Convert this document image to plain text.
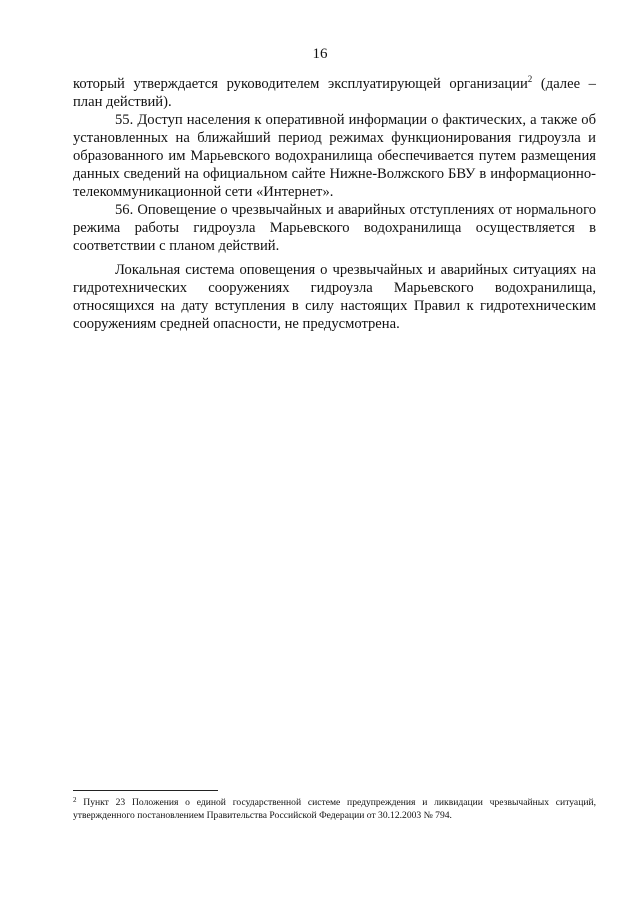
16

который утверждается руководителем эксплуатирующей организации$^2$ (далее – план действий).

55. Доступ населения к оперативной информации о фактических, а также об установленных на ближайший период режимах функционирования гидроузла и образованного им Марьевского водохранилища обеспечивается путем размещения данных сведений на официальном сайте Нижне-Волжского БВУ в информационно-телекоммуникационной сети «Интернет».

56. Оповещение о чрезвычайных и аварийных отступлениях от нормального режима работы гидроузла Марьевского водохранилища осуществляется в соответствии с планом действий.

Локальная система оповещения о чрезвычайных и аварийных ситуациях на гидротехнических сооружениях гидроузла Марьевского водохранилища, относящихся на дату вступления в силу настоящих Правил к гидротехническим сооружениям средней опасности, не предусмотрена.

$^2$ Пункт 23 Положения о единой государственной системе предупреждения и ликвидации чрезвычайных ситуаций, утвержденного постановлением Правительства Российской Федерации от 30.12.2003 № 794.
